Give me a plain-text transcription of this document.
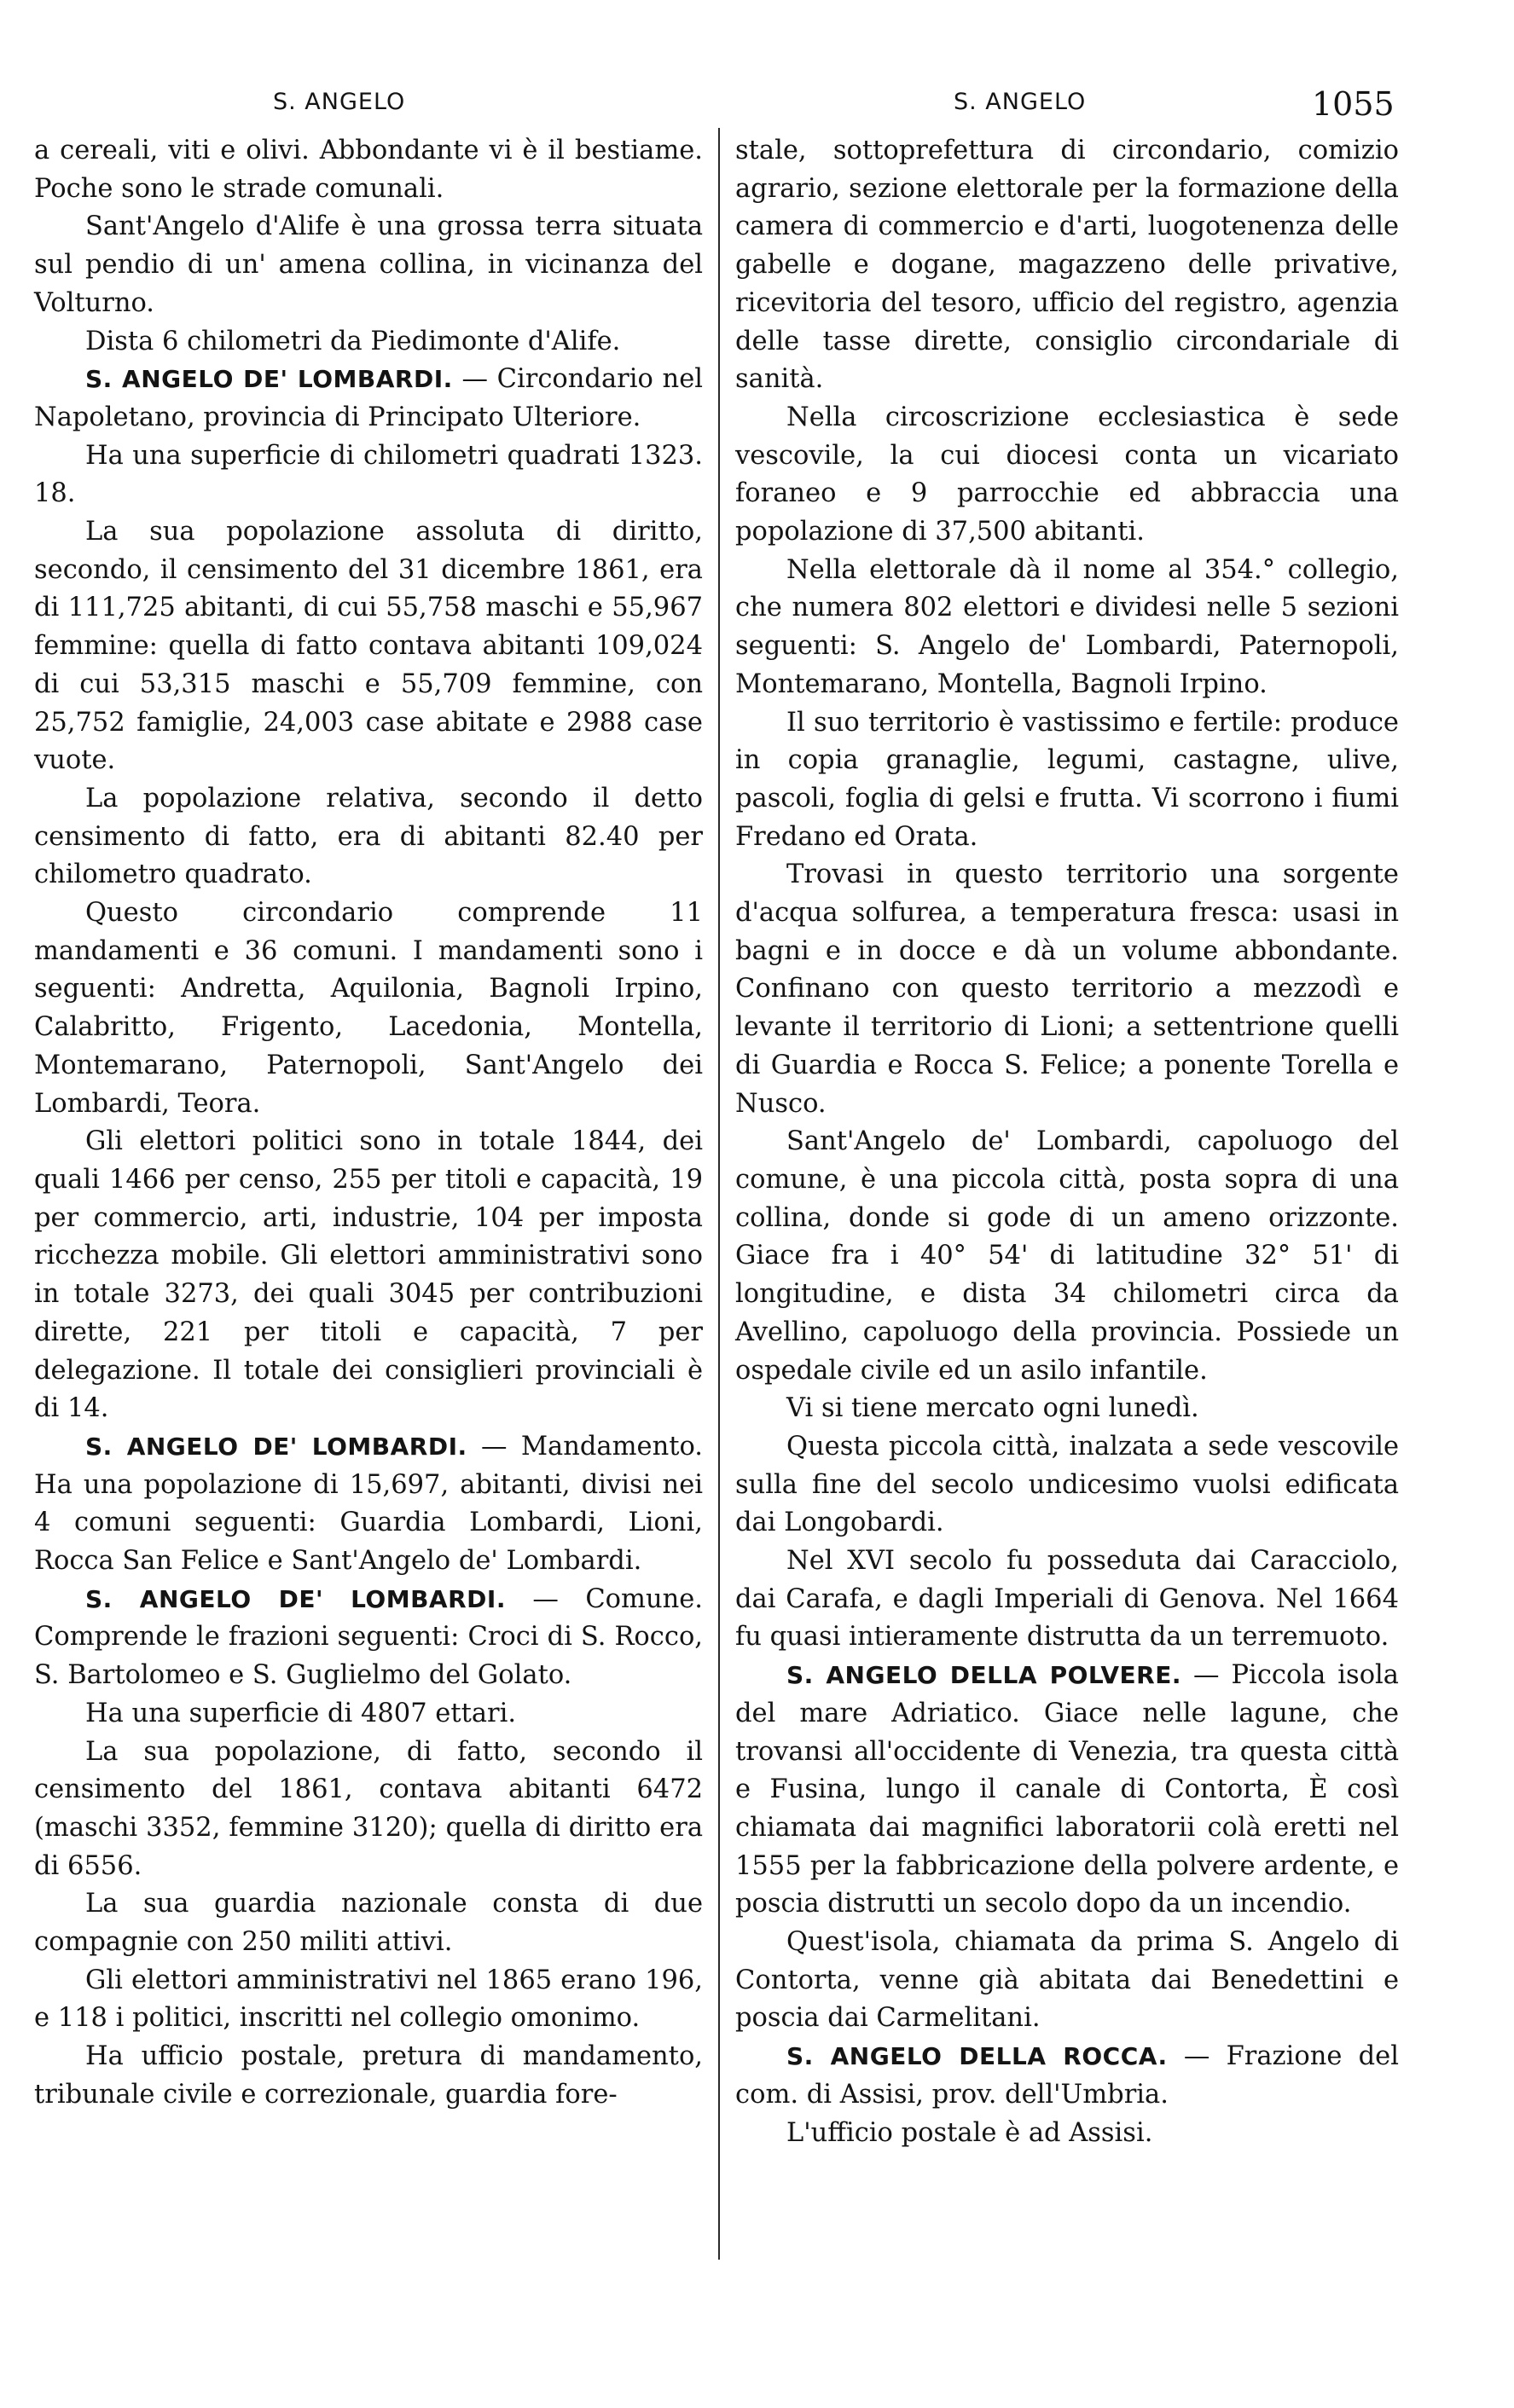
S. ANGELO	S. ANGELO	1055

a cereali, viti e olivi. Abbondante vi è il bestiame. Poche sono le strade comunali.

Sant'Angelo d'Alife è una grossa terra situata sul pendio di un' amena collina, in vicinanza del Volturno.

Dista 6 chilometri da Piedimonte d'Alife.

S. ANGELO DE' LOMBARDI. — Circondario nel Napoletano, provincia di Principato Ulteriore.

Ha una superficie di chilometri quadrati 1323. 18.

La sua popolazione assoluta di diritto, secondo, il censimento del 31 dicembre 1861, era di 111,725 abitanti, di cui 55,758 maschi e 55,967 femmine: quella di fatto contava abitanti 109,024 di cui 53,315 maschi e 55,709 femmine, con 25,752 famiglie, 24,003 case abitate e 2988 case vuote.

La popolazione relativa, secondo il detto censimento di fatto, era di abitanti 82.40 per chilometro quadrato.

Questo circondario comprende 11 mandamenti e 36 comuni. I mandamenti sono i seguenti: Andretta, Aquilonia, Bagnoli Irpino, Calabritto, Frigento, Lacedonia, Montella, Montemarano, Paternopoli, Sant'Angelo dei Lombardi, Teora.

Gli elettori politici sono in totale 1844, dei quali 1466 per censo, 255 per titoli e capacità, 19 per commercio, arti, industrie, 104 per imposta ricchezza mobile. Gli elettori amministrativi sono in totale 3273, dei quali 3045 per contribuzioni dirette, 221 per titoli e capacità, 7 per delegazione. Il totale dei consiglieri provinciali è di 14.

S. ANGELO DE' LOMBARDI. — Mandamento. Ha una popolazione di 15,697, abitanti, divisi nei 4 comuni seguenti: Guardia Lombardi, Lioni, Rocca San Felice e Sant'Angelo de' Lombardi.

S. ANGELO DE' LOMBARDI. — Comune. Comprende le frazioni seguenti: Croci di S. Rocco, S. Bartolomeo e S. Guglielmo del Golato.

Ha una superficie di 4807 ettari.

La sua popolazione, di fatto, secondo il censimento del 1861, contava abitanti 6472 (maschi 3352, femmine 3120); quella di diritto era di 6556.

La sua guardia nazionale consta di due compagnie con 250 militi attivi.

Gli elettori amministrativi nel 1865 erano 196, e 118 i politici, inscritti nel collegio omonimo.

Ha ufficio postale, pretura di mandamento, tribunale civile e correzionale, guardia fore-

stale, sottoprefettura di circondario, comizio agrario, sezione elettorale per la formazione della camera di commercio e d'arti, luogotenenza delle gabelle e dogane, magazzeno delle privative, ricevitoria del tesoro, ufficio del registro, agenzia delle tasse dirette, consiglio circondariale di sanità.

Nella circoscrizione ecclesiastica è sede vescovile, la cui diocesi conta un vicariato foraneo e 9 parrocchie ed abbraccia una popolazione di 37,500 abitanti.

Nella elettorale dà il nome al 354.° collegio, che numera 802 elettori e dividesi nelle 5 sezioni seguenti: S. Angelo de' Lombardi, Paternopoli, Montemarano, Montella, Bagnoli Irpino.

Il suo territorio è vastissimo e fertile: produce in copia granaglie, legumi, castagne, ulive, pascoli, foglia di gelsi e frutta. Vi scorrono i fiumi Fredano ed Orata.

Trovasi in questo territorio una sorgente d'acqua solfurea, a temperatura fresca: usasi in bagni e in docce e dà un volume abbondante. Confinano con questo territorio a mezzodì e levante il territorio di Lioni; a settentrione quelli di Guardia e Rocca S. Felice; a ponente Torella e Nusco.

Sant'Angelo de' Lombardi, capoluogo del comune, è una piccola città, posta sopra di una collina, donde si gode di un ameno orizzonte. Giace fra i 40° 54' di latitudine 32° 51' di longitudine, e dista 34 chilometri circa da Avellino, capoluogo della provincia. Possiede un ospedale civile ed un asilo infantile.

Vi si tiene mercato ogni lunedì.

Questa piccola città, inalzata a sede vescovile sulla fine del secolo undicesimo vuolsi edificata dai Longobardi.

Nel XVI secolo fu posseduta dai Caracciolo, dai Carafa, e dagli Imperiali di Genova. Nel 1664 fu quasi intieramente distrutta da un terremuoto.

S. ANGELO DELLA POLVERE. — Piccola isola del mare Adriatico. Giace nelle lagune, che trovansi all'occidente di Venezia, tra questa città e Fusina, lungo il canale di Contorta, È così chiamata dai magnifici laboratorii colà eretti nel 1555 per la fabbricazione della polvere ardente, e poscia distrutti un secolo dopo da un incendio.

Quest'isola, chiamata da prima S. Angelo di Contorta, venne già abitata dai Benedettini e poscia dai Carmelitani.

S. ANGELO DELLA ROCCA. — Frazione del com. di Assisi, prov. dell'Umbria.

L'ufficio postale è ad Assisi.
